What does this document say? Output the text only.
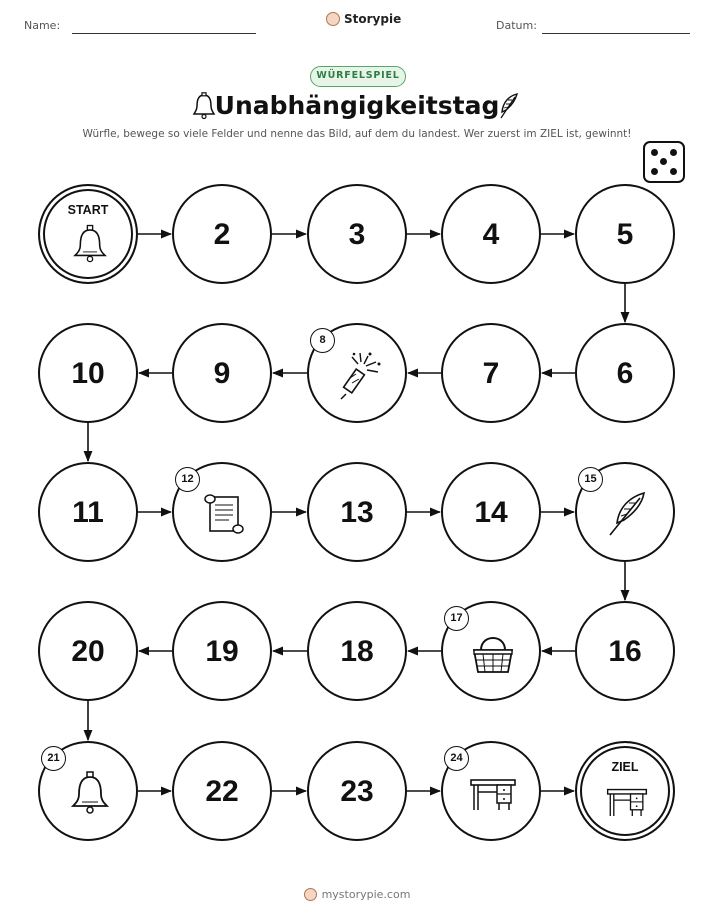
Name:	Storypie	Datum:
WÜRFELSPIEL
Unabhängigkeitstag
Würfle, bewege so viele Felder und nenne das Bild, auf dem du landest. Wer zuerst im ZIEL ist, gewinnt!
START
2	3	4	5
6
7
8
9
10
11
12
13	14
15
16
17
18
19
20
21
22	23
24
ZIEL
mystorypie.com
